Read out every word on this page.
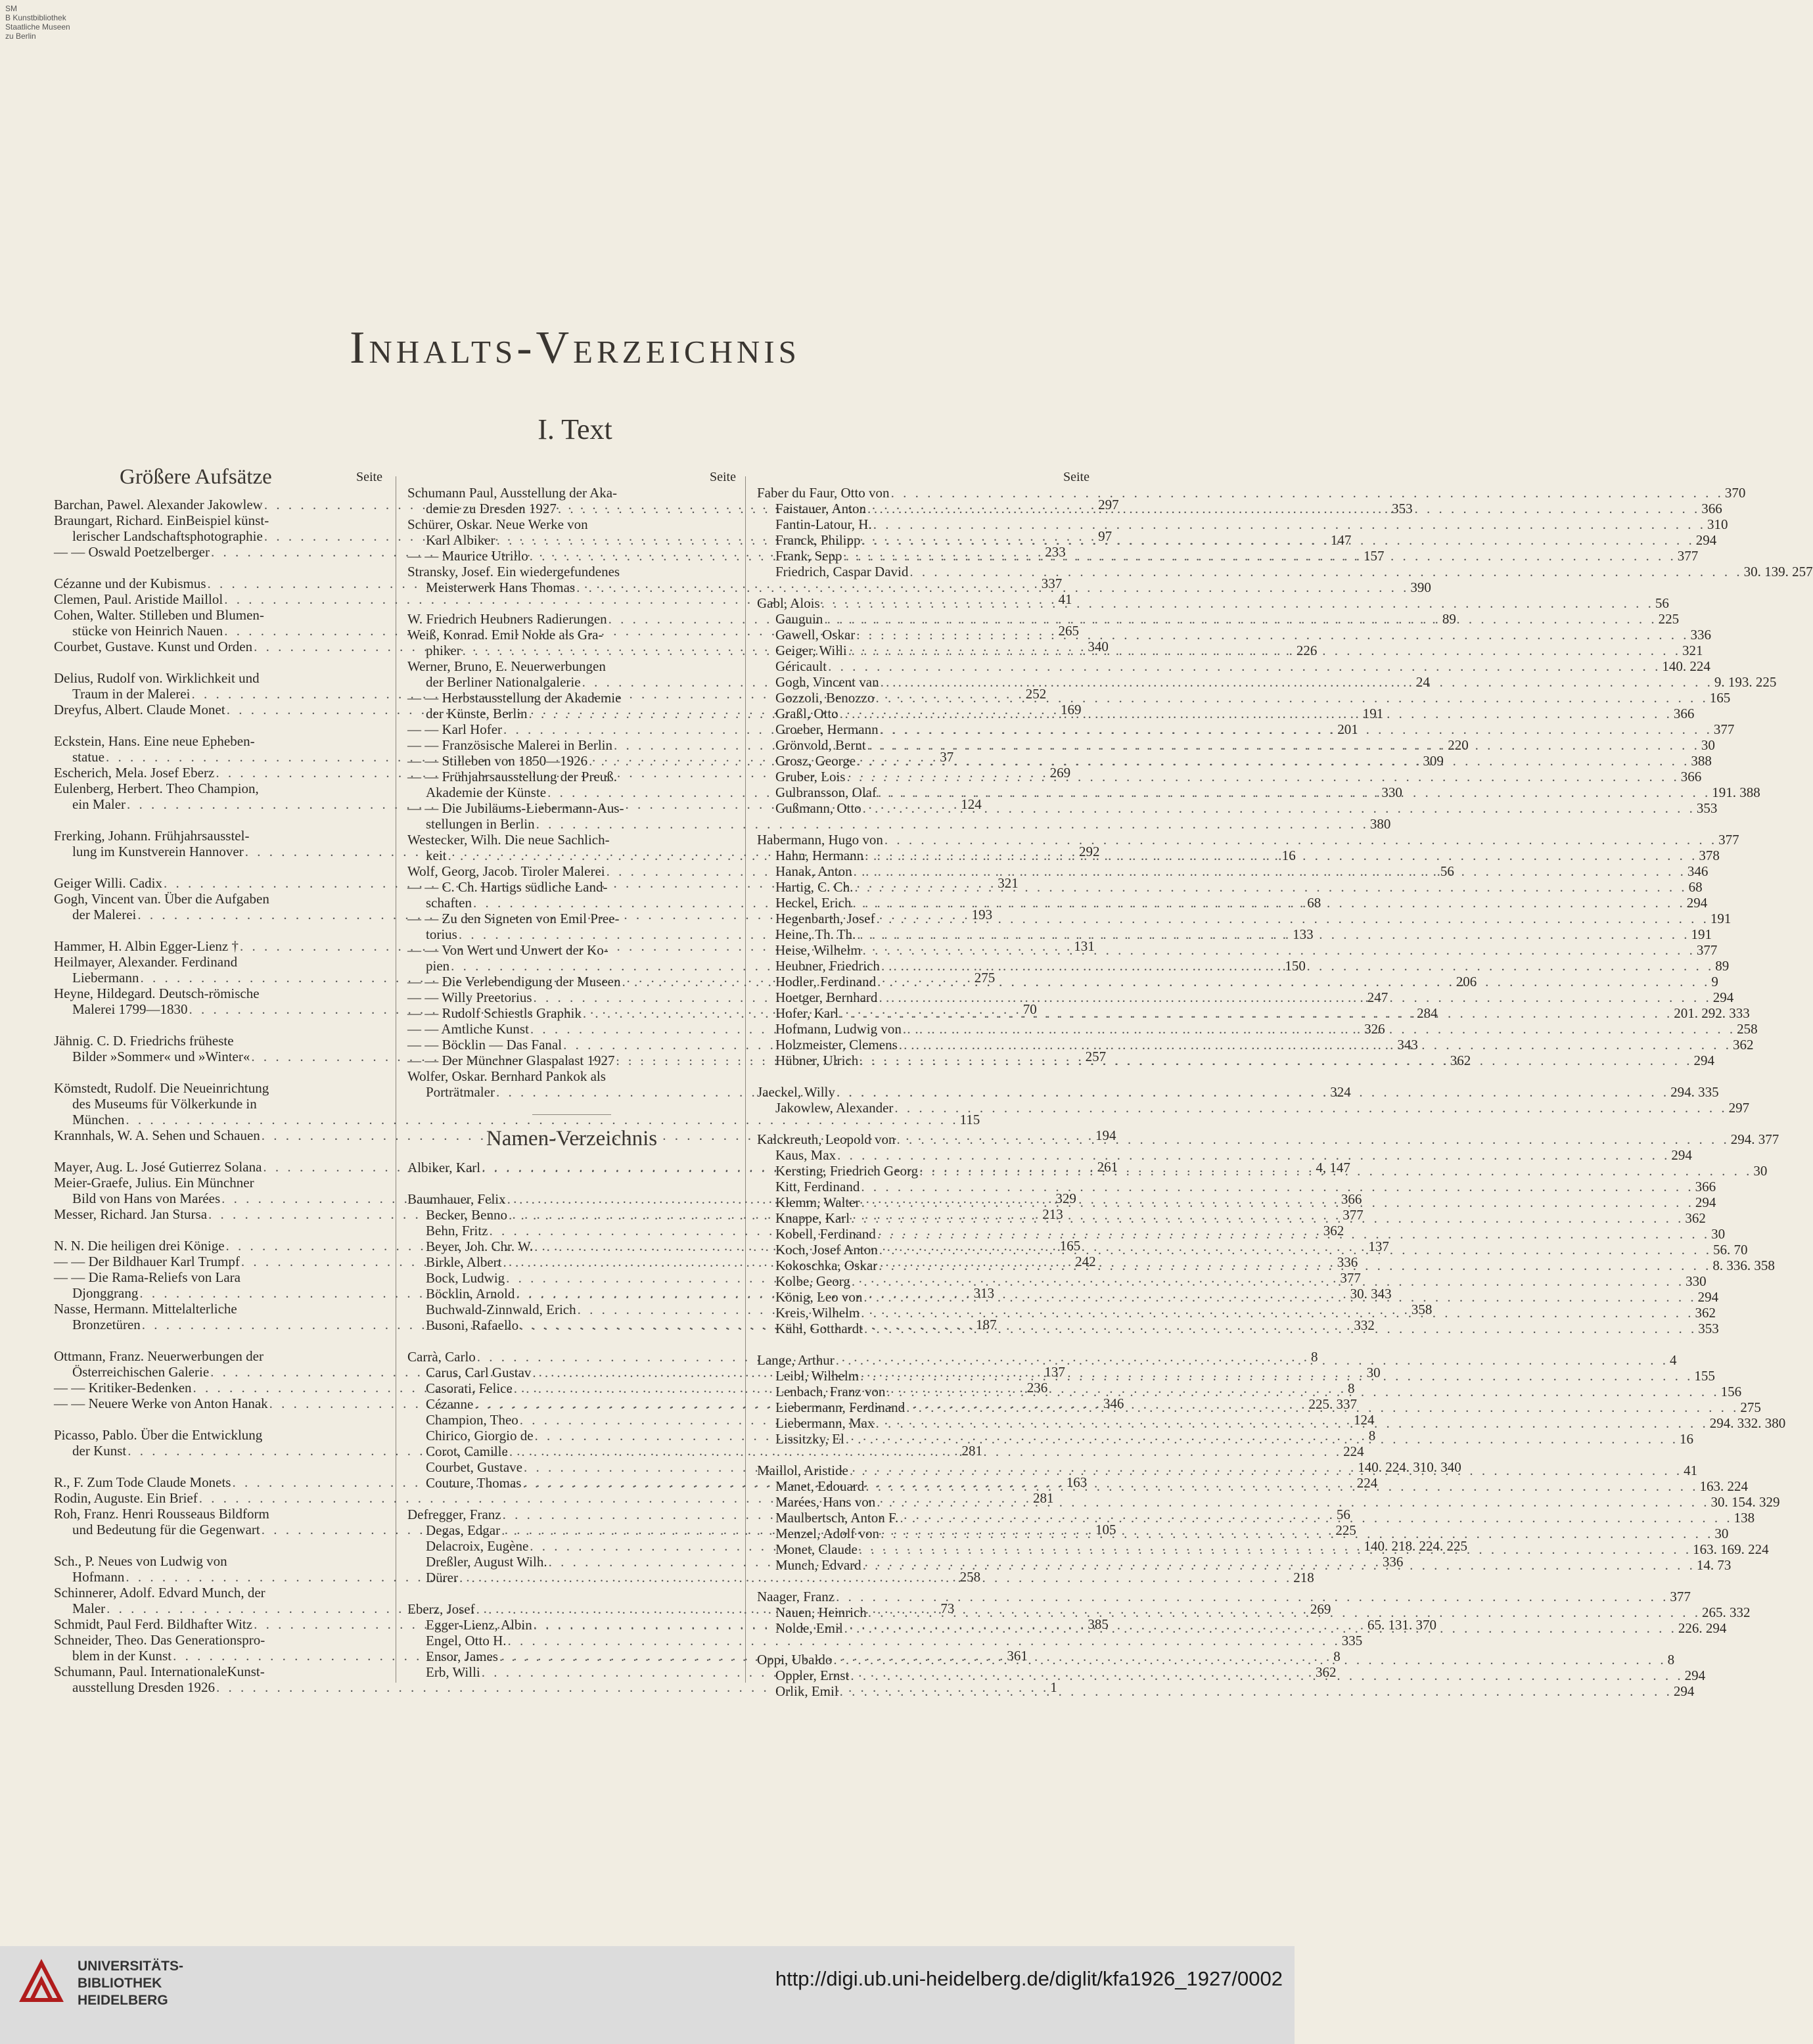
SM
B Kunstbibliothek
Staatliche Museen
zu Berlin
Inhalts-Verzeichnis
I. Text
Größere Aufsätze	Seite
Barchan, Pawel. Alexander Jakowlew . . .	297
Braungart, Richard. EinBeispiel künst-
lerischer Landschaftsphotographie . . .	97
— — Oswald Poetzelberger . . .	233
Cézanne und der Kubismus . . .	337
Clemen, Paul. Aristide Maillol . . .	41
Cohen, Walter. Stilleben und Blumen-
stücke von Heinrich Nauen . . .	265
Courbet, Gustave. Kunst und Orden . . .	340
Delius, Rudolf von. Wirklichkeit und
Traum in der Malerei . . .	252
Dreyfus, Albert. Claude Monet . . .	169
Eckstein, Hans. Eine neue Epheben-
statue . . .	37
Escherich, Mela. Josef Eberz . . .	269
Eulenberg, Herbert. Theo Champion,
ein Maler . . .	124
Frerking, Johann. Frühjahrsausstel-
lung im Kunstverein Hannover . . .	292
Geiger Willi. Cadix . . .	321
Gogh, Vincent van. Über die Aufgaben
der Malerei . . .	193
Hammer, H. Albin Egger-Lienz † . . .	131
Heilmayer, Alexander. Ferdinand
Liebermann . . .	275
Heyne, Hildegard. Deutsch-römische
Malerei 1799—1830 . . .	70
Jähnig. C. D. Friedrichs früheste
Bilder »Sommer« und »Winter« . . .	257
Kömstedt, Rudolf. Die Neueinrichtung
des Museums für Völkerkunde in
München . . .	115
Krannhals, W. A. Sehen und Schauen . . .	194
Mayer, Aug. L. José Gutierrez Solana . . .	261
Meier-Graefe, Julius. Ein Münchner
Bild von Hans von Marées . . .	329
Messer, Richard. Jan Stursa . . .	213
N. N. Die heiligen drei Könige . . .	165
— — Der Bildhauer Karl Trumpf . . .	242
— — Die Rama-Reliefs von Lara
Djonggrang . . .	313
Nasse, Hermann. Mittelalterliche
Bronzetüren . . .	187
Ottmann, Franz. Neuerwerbungen der
Österreichischen Galerie . . .	137
— — Kritiker-Bedenken . . .	236
— — Neuere Werke von Anton Hanak . . .	346
Picasso, Pablo. Über die Entwicklung
der Kunst . . .	281
R., F. Zum Tode Claude Monets . . .	163
Rodin, Auguste. Ein Brief . . .	281
Roh, Franz. Henri Rousseaus Bildform
und Bedeutung für die Gegenwart . . .	105
Sch., P. Neues von Ludwig von
Hofmann . . .	258
Schinnerer, Adolf. Edvard Munch, der
Maler . . .	73
Schmidt, Paul Ferd. Bildhafter Witz . . .	385
Schneider, Theo. Das Generationspro-
blem in der Kunst . . .	361
Schumann, Paul. InternationaleKunst-
ausstellung Dresden 1926 . . .	1
Seite
Schumann Paul, Ausstellung der Aka-
demie zu Dresden 1927 . . .	353
Schürer, Oskar. Neue Werke von
Karl Albiker . . .	147
— — Maurice Utrillo . . .	157
Stransky, Josef. Ein wiedergefundenes
Meisterwerk Hans Thomas . . .	390
W. Friedrich Heubners Radierungen . . .	89
Weiß, Konrad. Emil Nolde als Gra-
phiker . . .	226
Werner, Bruno, E. Neuerwerbungen
der Berliner Nationalgalerie . . .	24
— — Herbstausstellung der Akademie
der Künste, Berlin . . .	191
— — Karl Hofer . . .	201
— — Französische Malerei in Berlin . . .	220
— — Stilleben von 1850—1926 . . .	309
— — Frühjahrsausstellung der Preuß.
Akademie der Künste . . .	330
— — Die Jubiläums-Liebermann-Aus-
stellungen in Berlin . . .	380
Westecker, Wilh. Die neue Sachlich-
keit . . .	16
Wolf, Georg, Jacob. Tiroler Malerei . . .	56
— — C. Ch. Hartigs südliche Land-
schaften . . .	68
— — Zu den Signeten von Emil Pree-
torius . . .	133
— — Von Wert und Unwert der Ko-
pien . . .	150
— — Die Verlebendigung der Museen . . .	206
— — Willy Preetorius . . .	247
— — Rudolf Schiestls Graphik . . .	284
— — Amtliche Kunst . . .	326
— — Böcklin — Das Fanal . . .	343
— — Der Münchner Glaspalast 1927 . . .	362
Wolfer, Oskar. Bernhard Pankok als
Porträtmaler . . .	324
Namen-Verzeichnis
Albiker, Karl . . .	4, 147
Baumhauer, Felix . . .	366
Becker, Benno . . .	377
Behn, Fritz . . .	362
Beyer, Joh. Chr. W. . . .	137
Birkle, Albert . . .	336
Bock, Ludwig . . .	377
Böcklin, Arnold . . .	30. 343
Buchwald-Zinnwald, Erich . . .	358
Busoni, Rafaello . . .	332
Carrà, Carlo . . .	8
Carus, Carl Gustav . . .	30
Casorati, Felice . . .	8
Cézanne . . .	225. 337
Champion, Theo . . .	124
Chirico, Giorgio de . . .	8
Corot, Camille . . .	224
Courbet, Gustave . . .	140. 224. 310. 340
Couture, Thomas . . .	224
Defregger, Franz . . .	56
Degas, Edgar . . .	225
Delacroix, Eugène . . .	140. 218. 224. 225
Dreßler, August Wilh. . . .	336
Dürer . . .	218
Eberz, Josef . . .	269
Egger-Lienz, Albin . . .	65. 131. 370
Engel, Otto H. . . .	335
Ensor, James . . .	8
Erb, Willi . . .	362
Seite
Faber du Faur, Otto von . . .	370
Faistauer, Anton . . .	366
Fantin-Latour, H. . . .	310
Franck, Philipp . . .	294
Frank, Sepp . . .	377
Friedrich, Caspar David . . .	30. 139. 257
Gabl, Alois . . .	56
Gauguin . . .	225
Gawell, Oskar . . .	336
Geiger, Willi . . .	321
Géricault . . .	140. 224
Gogh, Vincent van . . .	9. 193. 225
Gozzoli, Benozzo . . .	165
Graßl, Otto . . .	366
Groeber, Hermann . . .	377
Grönvold, Bernt . . .	30
Grosz, George . . .	388
Gruber, Lois . . .	366
Gulbransson, Olaf . . .	191. 388
Gußmann, Otto . . .	353
Habermann, Hugo von . . .	377
Hahn, Hermann . . .	378
Hanak, Anton . . .	346
Hartig, C. Ch. . . .	68
Heckel, Erich . . .	294
Hegenbarth, Josef . . .	191
Heine, Th. Th. . . .	191
Heise, Wilhelm . . .	377
Heubner, Friedrich . . .	89
Hodler, Ferdinand . . .	9
Hoetger, Bernhard . . .	294
Hofer, Karl . . .	201. 292. 333
Hofmann, Ludwig von . . .	258
Holzmeister, Clemens . . .	362
Hübner, Ulrich . . .	294
Jaeckel, Willy . . .	294. 335
Jakowlew, Alexander . . .	297
Kalckreuth, Leopold von . . .	294. 377
Kaus, Max . . .	294
Kersting, Friedrich Georg . . .	30
Kitt, Ferdinand . . .	366
Klemm, Walter . . .	294
Knappe, Karl . . .	362
Kobell, Ferdinand . . .	30
Koch, Josef Anton . . .	56. 70
Kokoschka, Oskar . . .	8. 336. 358
Kolbe, Georg . . .	330
König, Leo von . . .	294
Kreis, Wilhelm . . .	362
Kühl, Gotthardt . . .	353
Lange, Arthur . . .	4
Leibl, Wilhelm . . .	155
Lenbach, Franz von . . .	156
Liebermann, Ferdinand . . .	275
Liebermann, Max . . .	294. 332. 380
Lissitzky, El . . .	16
Maillol, Aristide . . .	41
Manet, Edouard . . .	163. 224
Marées, Hans von . . .	30. 154. 329
Maulbertsch, Anton F. . . .	138
Menzel, Adolf von . . .	30
Monet, Claude . . .	163. 169. 224
Munch, Edvard . . .	14. 73
Naager, Franz . . .	377
Nauen, Heinrich . . .	265. 332
Nolde, Emil . . .	226. 294
Oppi, Ubaldo . . .	8
Oppler, Ernst . . .	294
Orlik, Emil . . .	294
UNIVERSITÄTS-
BIBLIOTHEK
HEIDELBERG
http://digi.ub.uni-heidelberg.de/diglit/kfa1926_1927/0002
